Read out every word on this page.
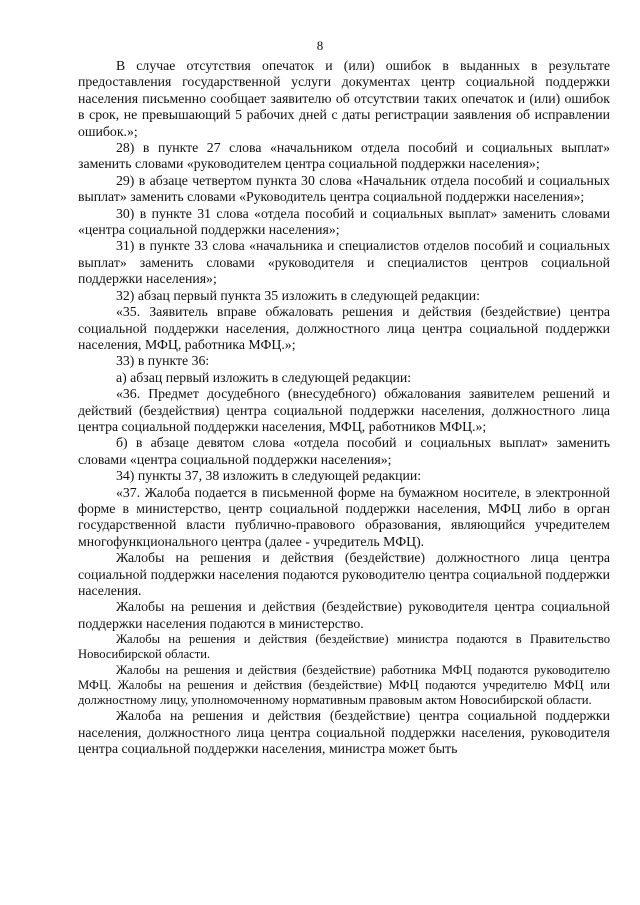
8

В случае отсутствия опечаток и (или) ошибок в выданных в результате предоставления государственной услуги документах центр социальной поддержки населения письменно сообщает заявителю об отсутствии таких опечаток и (или) ошибок в срок, не превышающий 5 рабочих дней с даты регистрации заявления об исправлении ошибок.»;

28) в пункте 27 слова «начальником отдела пособий и социальных выплат» заменить словами «руководителем центра социальной поддержки населения»;

29) в абзаце четвертом пункта 30 слова «Начальник отдела пособий и социальных выплат» заменить словами «Руководитель центра социальной поддержки населения»;

30) в пункте 31 слова «отдела пособий и социальных выплат» заменить словами «центра социальной поддержки населения»;

31) в пункте 33 слова «начальника и специалистов отделов пособий и социальных выплат» заменить словами «руководителя и специалистов центров социальной поддержки населения»;

32) абзац первый пункта 35 изложить в следующей редакции:

«35. Заявитель вправе обжаловать решения и действия (бездействие) центра социальной поддержки населения, должностного лица центра социальной поддержки населения, МФЦ, работника МФЦ.»;

33) в пункте 36:

а) абзац первый изложить в следующей редакции:

«36. Предмет досудебного (внесудебного) обжалования заявителем решений и действий (бездействия) центра социальной поддержки населения, должностного лица центра социальной поддержки населения, МФЦ, работников МФЦ.»;

б) в абзаце девятом слова «отдела пособий и социальных выплат» заменить словами «центра социальной поддержки населения»;

34) пункты 37, 38 изложить в следующей редакции:

«37. Жалоба подается в письменной форме на бумажном носителе, в электронной форме в министерство, центр социальной поддержки населения, МФЦ либо в орган государственной власти публично-правового образования, являющийся учредителем многофункционального центра (далее - учредитель МФЦ).

Жалобы на решения и действия (бездействие) должностного лица центра социальной поддержки населения подаются руководителю центра социальной поддержки населения.

Жалобы на решения и действия (бездействие) руководителя центра социальной поддержки населения подаются в министерство.

Жалобы на решения и действия (бездействие) министра подаются в Правительство Новосибирской области.

Жалобы на решения и действия (бездействие) работника МФЦ подаются руководителю МФЦ. Жалобы на решения и действия (бездействие) МФЦ подаются учредителю МФЦ или должностному лицу, уполномоченному нормативным правовым актом Новосибирской области.

Жалоба на решения и действия (бездействие) центра социальной поддержки населения, должностного лица центра социальной поддержки населения, руководителя центра социальной поддержки населения, министра может быть
